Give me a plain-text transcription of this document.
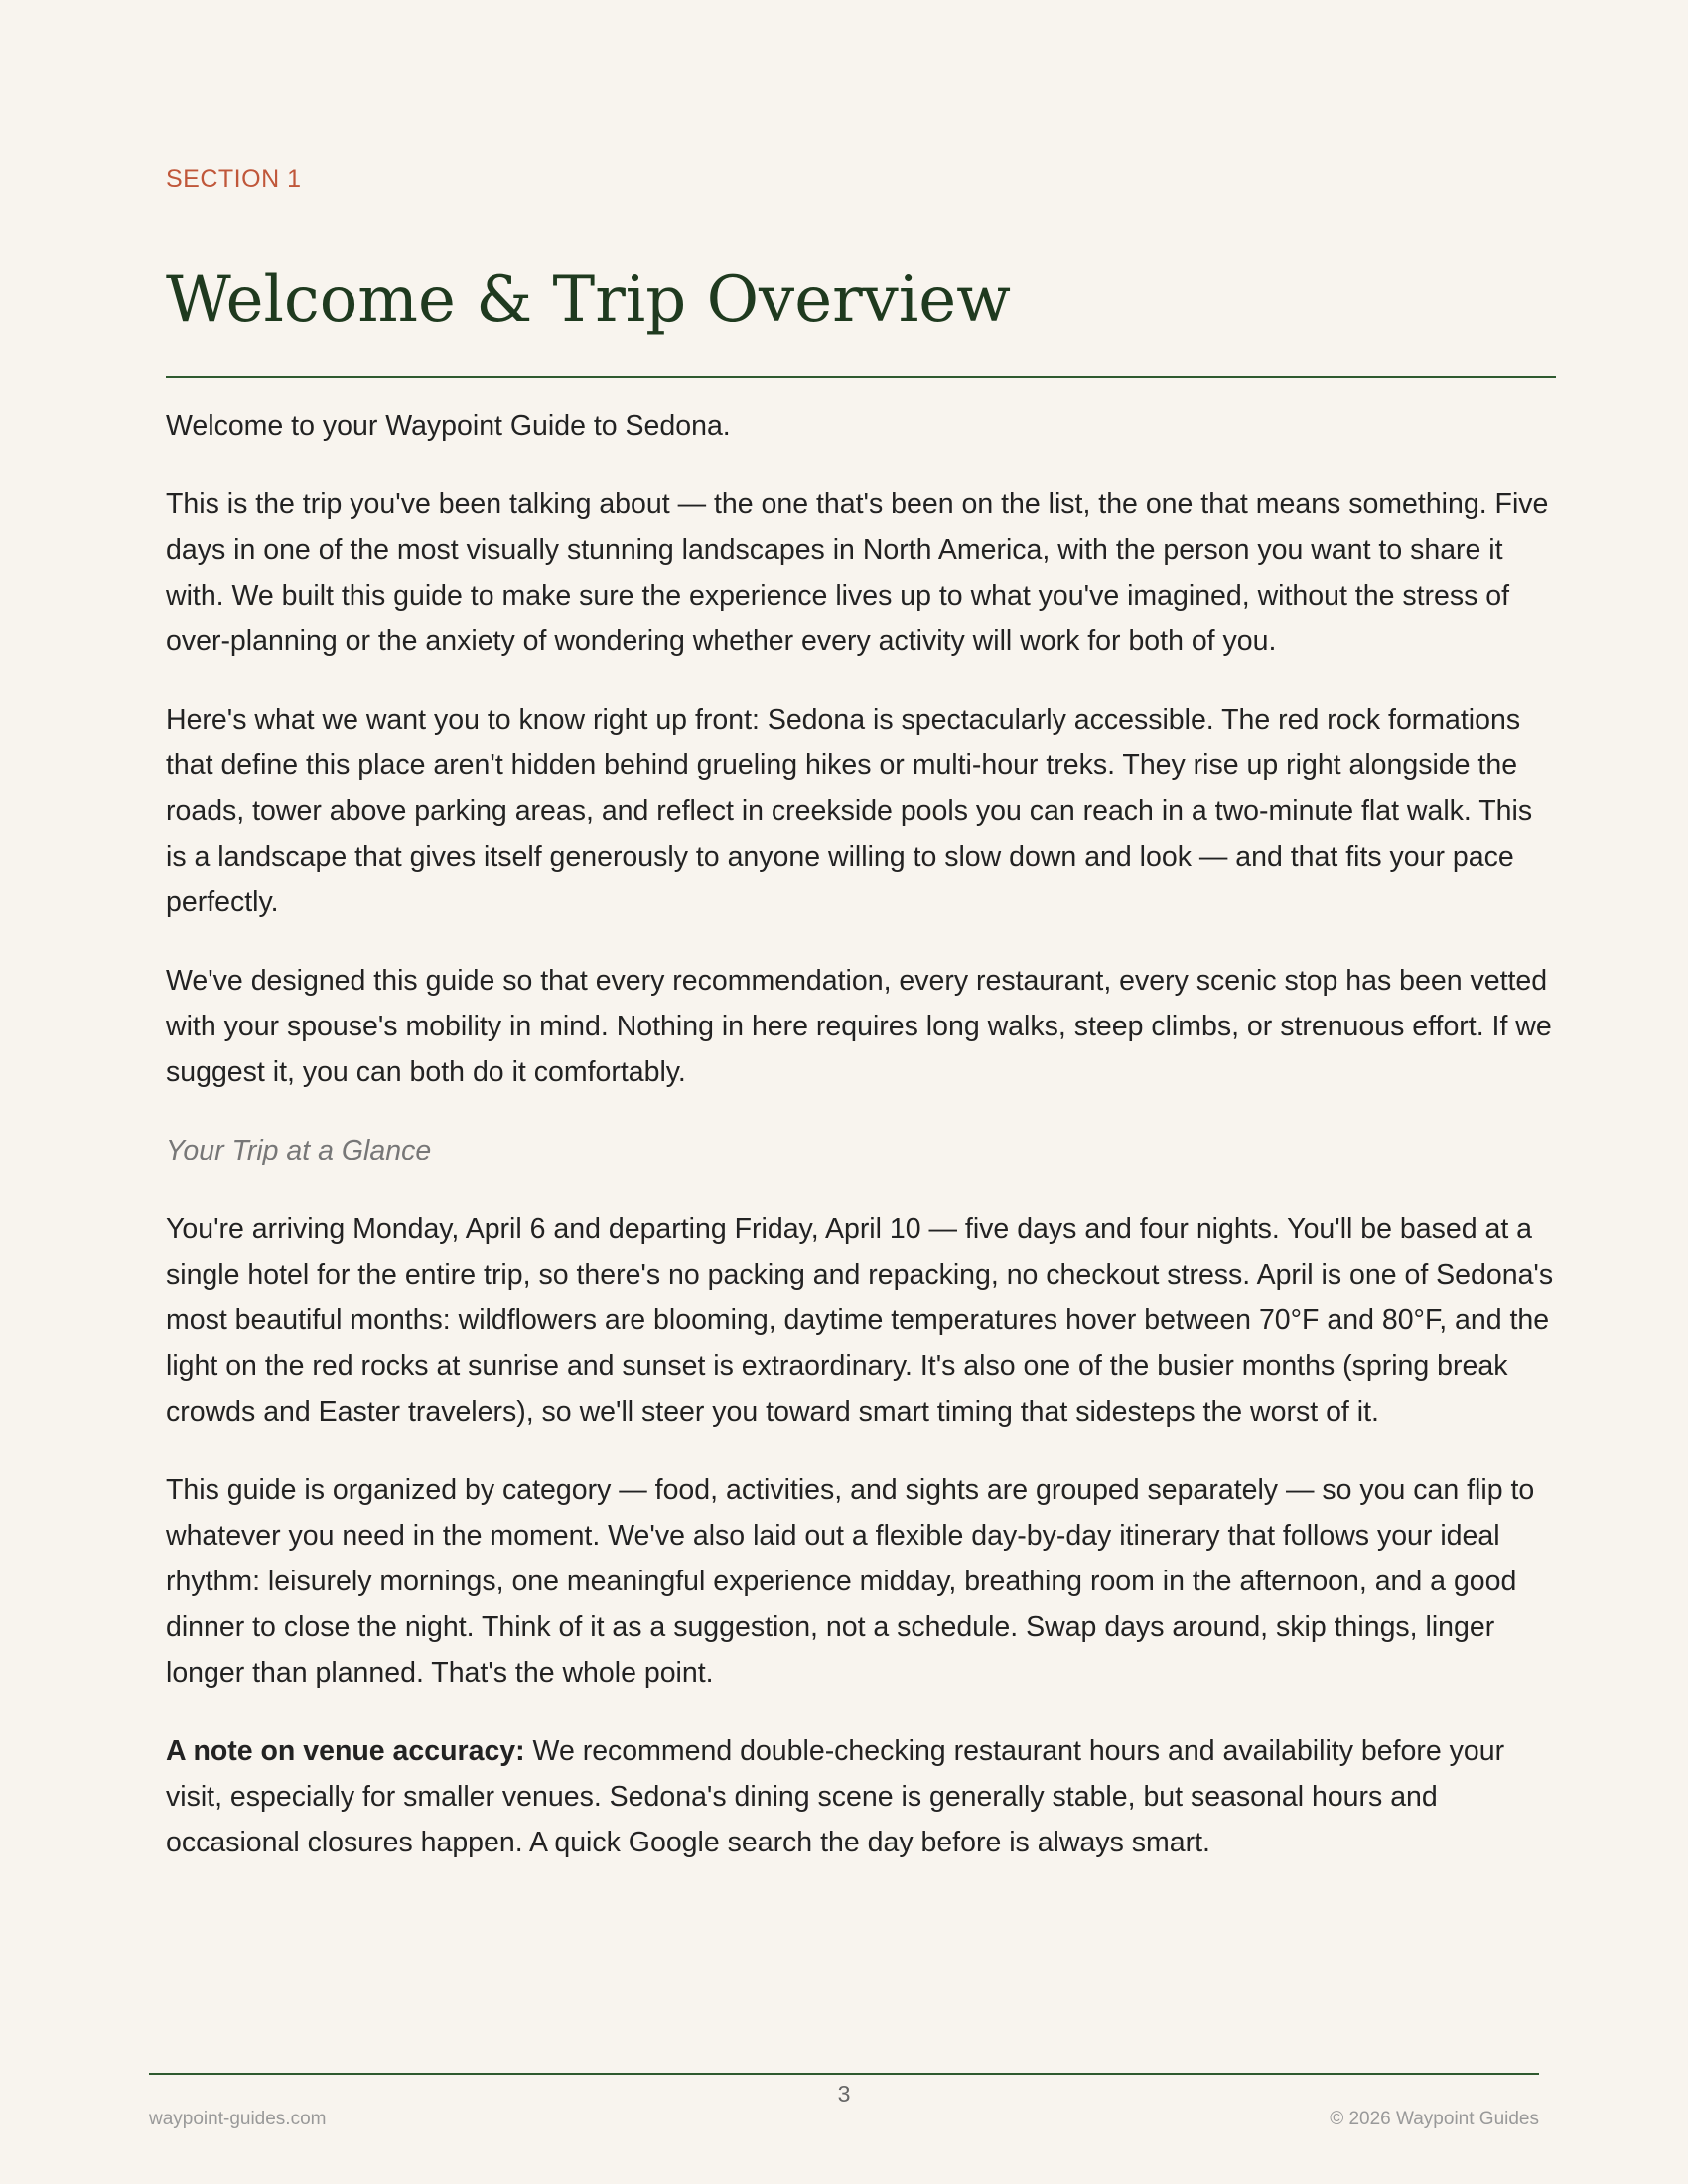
SECTION 1
Welcome & Trip Overview

Welcome to your Waypoint Guide to Sedona.

This is the trip you've been talking about — the one that's been on the list, the one that means something. Five days in one of the most visually stunning landscapes in North America, with the person you want to share it with. We built this guide to make sure the experience lives up to what you've imagined, without the stress of over-planning or the anxiety of wondering whether every activity will work for both of you.

Here's what we want you to know right up front: Sedona is spectacularly accessible. The red rock formations that define this place aren't hidden behind grueling hikes or multi-hour treks. They rise up right alongside the roads, tower above parking areas, and reflect in creekside pools you can reach in a two-minute flat walk. This is a landscape that gives itself generously to anyone willing to slow down and look — and that fits your pace perfectly.

We've designed this guide so that every recommendation, every restaurant, every scenic stop has been vetted with your spouse's mobility in mind. Nothing in here requires long walks, steep climbs, or strenuous effort. If we suggest it, you can both do it comfortably.

Your Trip at a Glance

You're arriving Monday, April 6 and departing Friday, April 10 — five days and four nights. You'll be based at a single hotel for the entire trip, so there's no packing and repacking, no checkout stress. April is one of Sedona's most beautiful months: wildflowers are blooming, daytime temperatures hover between 70°F and 80°F, and the light on the red rocks at sunrise and sunset is extraordinary. It's also one of the busier months (spring break crowds and Easter travelers), so we'll steer you toward smart timing that sidesteps the worst of it.

This guide is organized by category — food, activities, and sights are grouped separately — so you can flip to whatever you need in the moment. We've also laid out a flexible day-by-day itinerary that follows your ideal rhythm: leisurely mornings, one meaningful experience midday, breathing room in the afternoon, and a good dinner to close the night. Think of it as a suggestion, not a schedule. Swap days around, skip things, linger longer than planned. That's the whole point.

A note on venue accuracy: We recommend double-checking restaurant hours and availability before your visit, especially for smaller venues. Sedona's dining scene is generally stable, but seasonal hours and occasional closures happen. A quick Google search the day before is always smart.

3
waypoint-guides.com	© 2026 Waypoint Guides
